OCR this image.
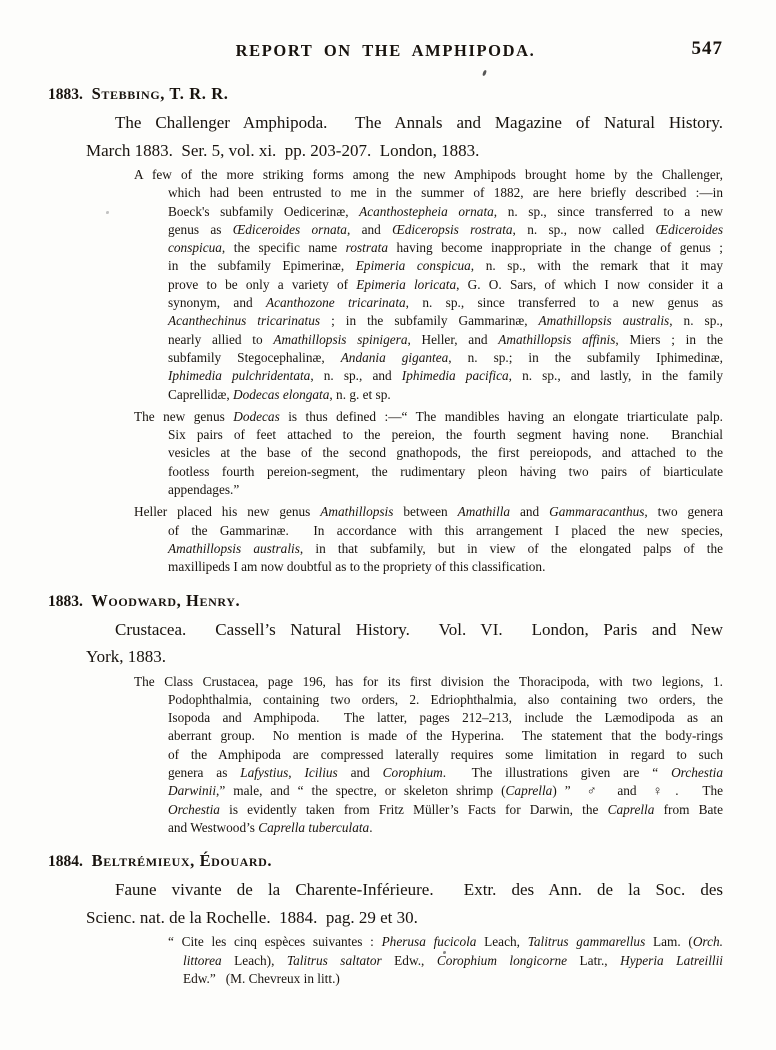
REPORT ON THE AMPHIPODA.	547
1883. Stebbing, T. R. R.
The Challenger Amphipoda.  The Annals and Magazine of Natural History.
March 1883.  Ser. 5, vol. xi.  pp. 203-207.  London, 1883.
A few of the more striking forms among the new Amphipods brought home by the Challenger,
which had been entrusted to me in the summer of 1882, are here briefly described :—in
Boeck's subfamily Oedicerinæ, Acanthostepheia ornata, n. sp., since transferred to a new
genus as Œdiceroides ornata, and Œdiceropsis rostrata, n. sp., now called Œdiceroides
conspicua, the specific name rostrata having become inappropriate in the change of genus ;
in the subfamily Epimerinæ, Epimeria conspicua, n. sp., with the remark that it may
prove to be only a variety of Epimeria loricata, G. O. Sars, of which I now consider it a
synonym, and Acanthozone tricarinata, n. sp., since transferred to a new genus as
Acanthechinus tricarinatus ; in the subfamily Gammarinæ, Amathillopsis australis, n. sp.,
nearly allied to Amathillopsis spinigera, Heller, and Amathillopsis affinis, Miers ; in the
subfamily Stegocephalinæ, Andania gigantea, n. sp.; in the subfamily Iphimedinæ,
Iphimedia pulchridentata, n. sp., and Iphimedia pacifica, n. sp., and lastly, in the family
Caprellidæ, Dodecas elongata, n. g. et sp.
The new genus Dodecas is thus defined :—“ The mandibles having an elongate triarticulate palp.
Six pairs of feet attached to the pereion, the fourth segment having none.  Branchial
vesicles at the base of the second gnathopods, the first pereiopods, and attached to the
footless fourth pereion-segment, the rudimentary pleon having two pairs of biarticulate
appendages.”
Heller placed his new genus Amathillopsis between Amathilla and Gammaracanthus, two genera
of the Gammarinæ.  In accordance with this arrangement I placed the new species,
Amathillopsis australis, in that subfamily, but in view of the elongated palps of the
maxillipeds I am now doubtful as to the propriety of this classification.
1883. Woodward, Henry.
Crustacea.  Cassell’s Natural History.  Vol. VI.  London, Paris and New
York, 1883.
The Class Crustacea, page 196, has for its first division the Thoracipoda, with two legions, 1.
Podophthalmia, containing two orders, 2. Edriophthalmia, also containing two orders, the
Isopoda and Amphipoda.  The latter, pages 212–213, include the Læmodipoda as an
aberrant group.  No mention is made of the Hyperina.  The statement that the body-rings
of the Amphipoda are compressed laterally requires some limitation in regard to such
genera as Lafystius, Icilius and Corophium.  The illustrations given are “ Orchestia
Darwinii,” male, and “ the spectre, or skeleton shrimp (Caprella) ”  ♂  and  ♀ .   The
Orchestia is evidently taken from Fritz Müller’s Facts for Darwin, the Caprella from Bate
and Westwood’s Caprella tuberculata.
1884. Beltrémieux, Édouard.
Faune vivante de la Charente-Inférieure.  Extr. des Ann. de la Soc. des
Scienc. nat. de la Rochelle.  1884.  pag. 29 et 30.
“ Cite les cinq espèces suivantes : Pherusa fucicola Leach, Talitrus gammarellus Lam. (Orch.
littorea Leach), Talitrus saltator Edw., Corophium longicorne Latr., Hyperia Latreillii
Edw.”   (M. Chevreux in litt.)
